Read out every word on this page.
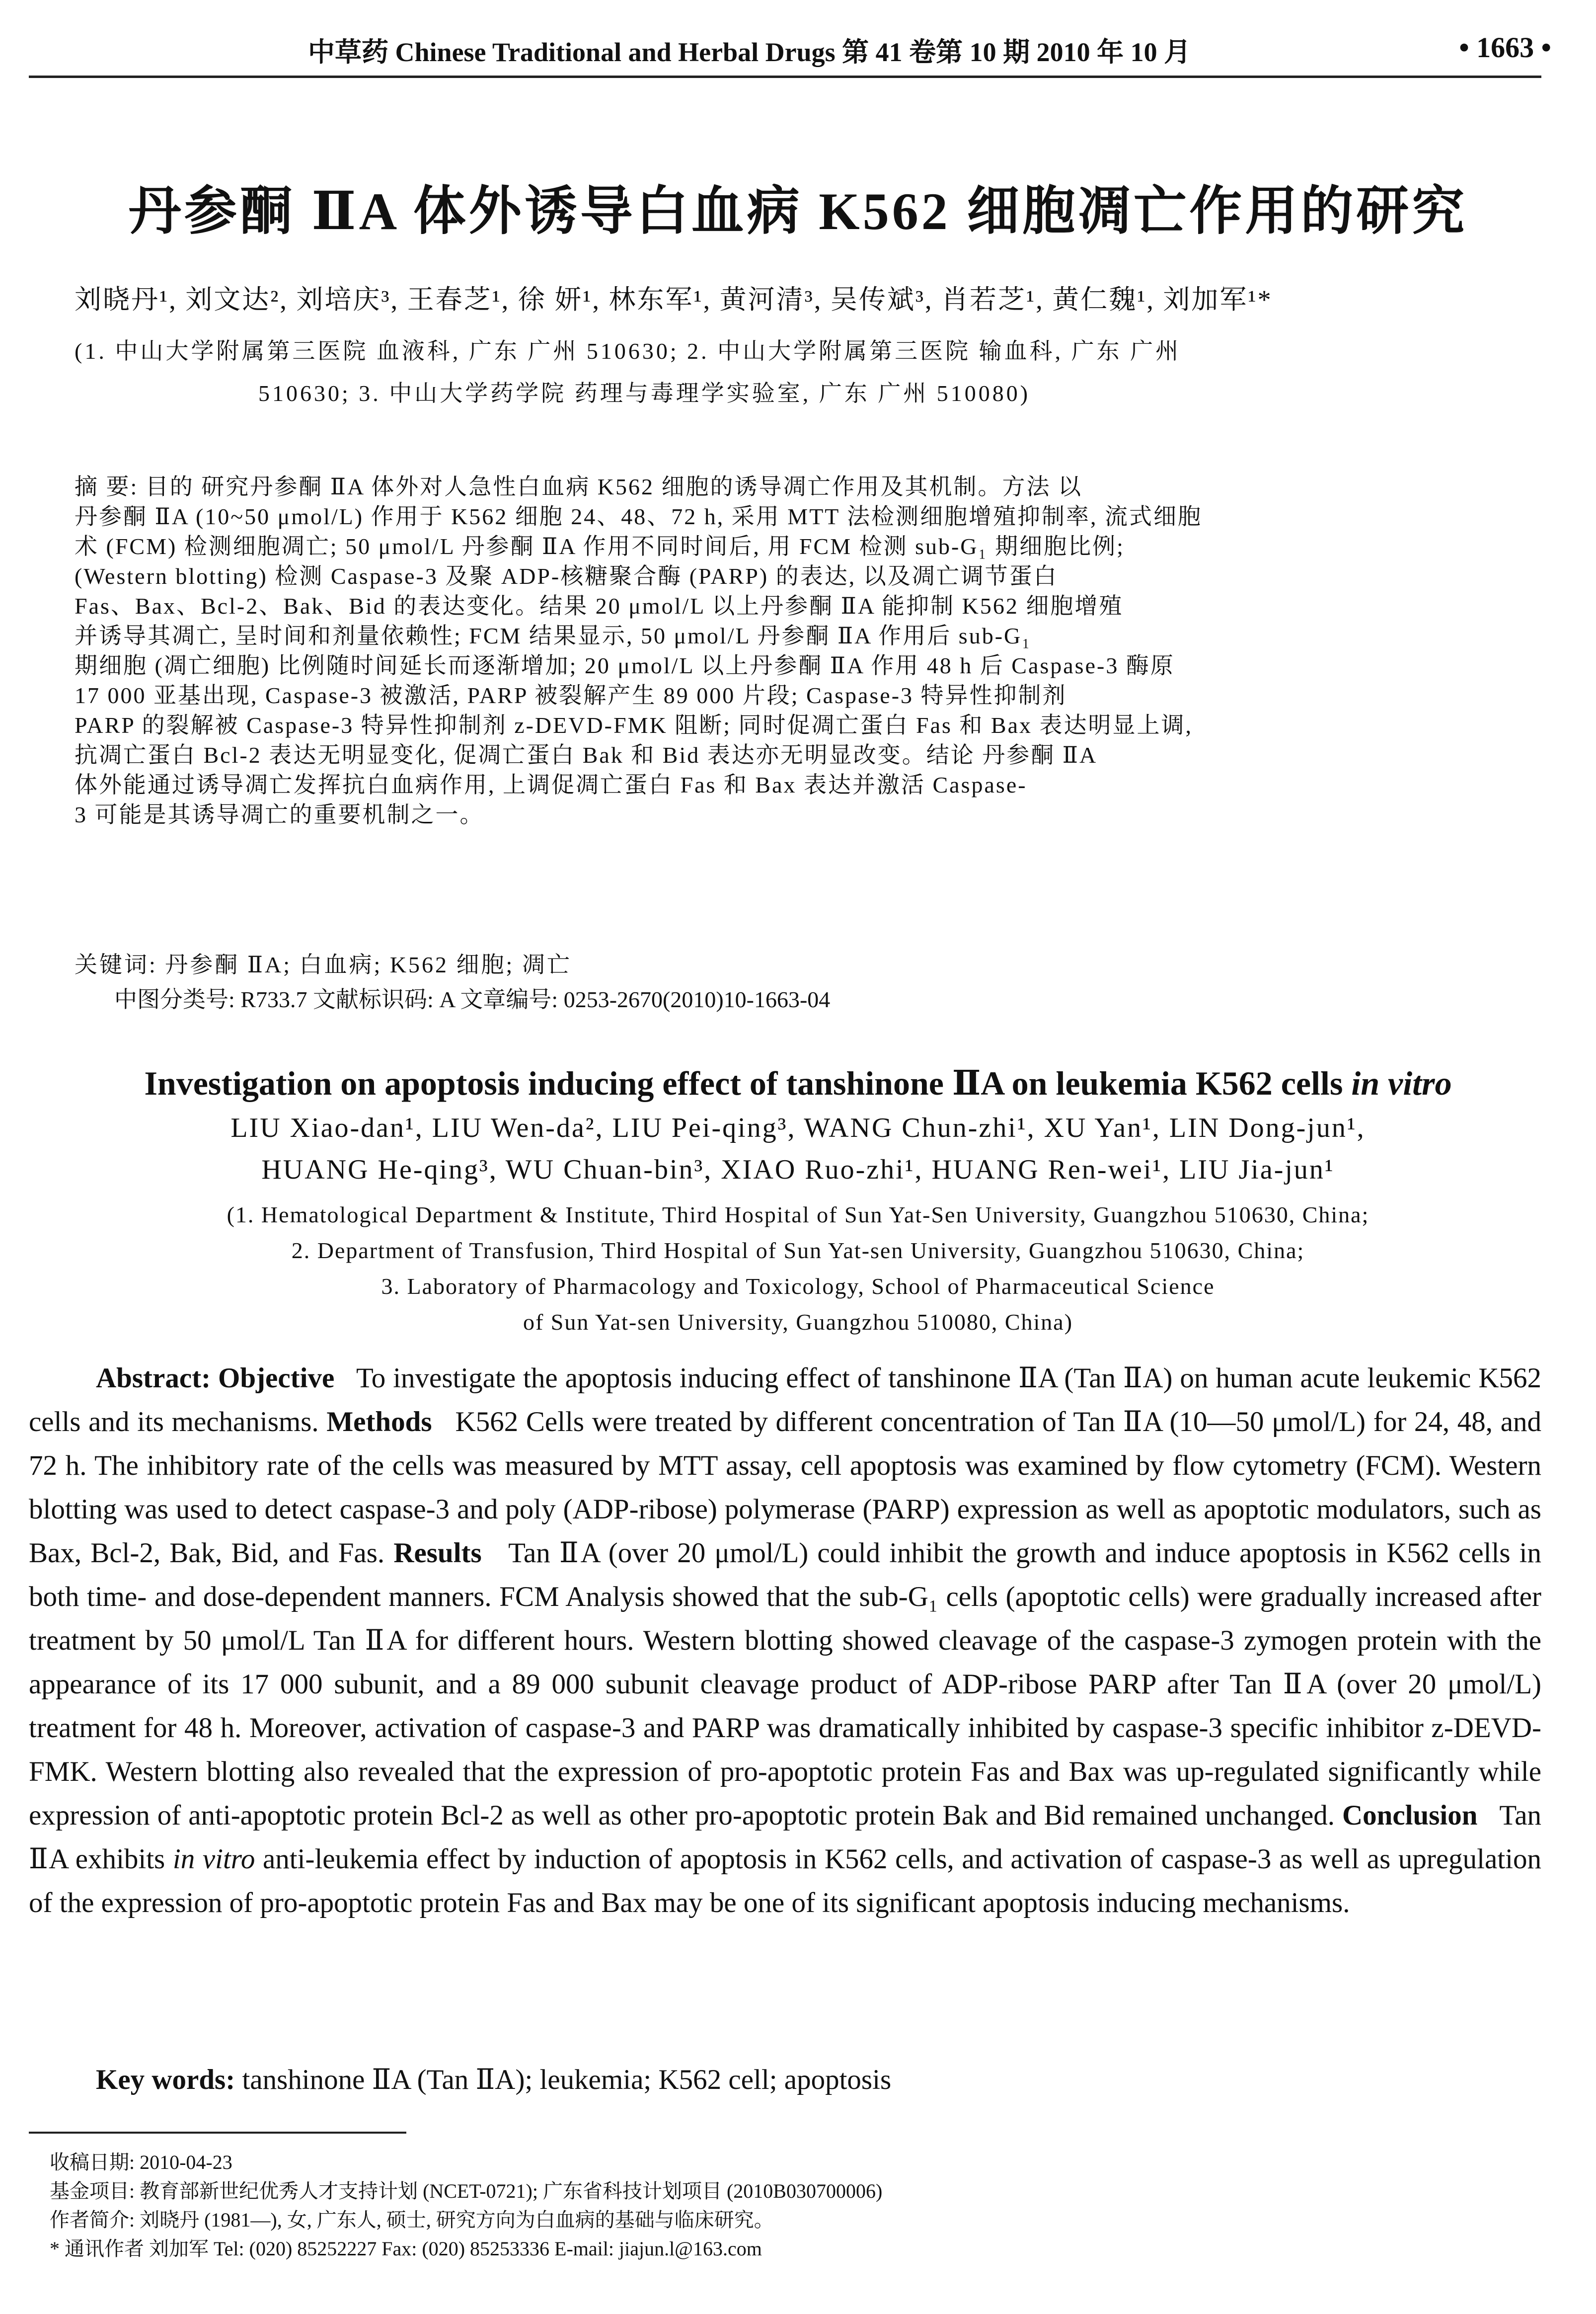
中草药 Chinese Traditional and Herbal Drugs 第 41 卷第 10 期 2010 年 10 月	• 1663 •
丹参酮 ⅡA 体外诱导白血病 K562 细胞凋亡作用的研究
刘晓丹¹, 刘文达², 刘培庆³, 王春芝¹, 徐 妍¹, 林东军¹, 黄河清³, 吴传斌³, 肖若芝¹, 黄仁魏¹, 刘加军¹*
(1. 中山大学附属第三医院 血液科, 广东 广州 510630; 2. 中山大学附属第三医院 输血科, 广东 广州
510630; 3. 中山大学药学院 药理与毒理学实验室, 广东 广州 510080)

摘 要: 目的 研究丹参酮 ⅡA 体外对人急性白血病 K562 细胞的诱导凋亡作用及其机制。方法 以

丹参酮 ⅡA (10~50 μmol/L) 作用于 K562 细胞 24、48、72 h, 采用 MTT 法检测细胞增殖抑制率, 流式细胞

术 (FCM) 检测细胞凋亡; 50 μmol/L 丹参酮 ⅡA 作用不同时间后, 用 FCM 检测 sub-G₁ 期细胞比例;

(Western blotting) 检测 Caspase-3 及聚 ADP-核糖聚合酶 (PARP) 的表达, 以及凋亡调节蛋白

Fas、Bax、Bcl-2、Bak、Bid 的表达变化。结果 20 μmol/L 以上丹参酮 ⅡA 能抑制 K562 细胞增殖

并诱导其凋亡, 呈时间和剂量依赖性; FCM 结果显示, 50 μmol/L 丹参酮 ⅡA 作用后 sub-G₁

期细胞 (凋亡细胞) 比例随时间延长而逐渐增加; 20 μmol/L 以上丹参酮 ⅡA 作用 48 h 后 Caspase-3 酶原

17 000 亚基出现, Caspase-3 被激活, PARP 被裂解产生 89 000 片段; Caspase-3 特异性抑制剂

PARP 的裂解被 Caspase-3 特异性抑制剂 z-DEVD-FMK 阻断; 同时促凋亡蛋白 Fas 和 Bax 表达明显上调,

抗凋亡蛋白 Bcl-2 表达无明显变化, 促凋亡蛋白 Bak 和 Bid 表达亦无明显改变。结论 丹参酮 ⅡA

体外能通过诱导凋亡发挥抗白血病作用, 上调促凋亡蛋白 Fas 和 Bax 表达并激活 Caspase-

3 可能是其诱导凋亡的重要机制之一。

关键词: 丹参酮 ⅡA; 白血病; K562 细胞; 凋亡
中图分类号: R733.7 文献标识码: A 文章编号: 0253-2670(2010)10-1663-04
Investigation on apoptosis inducing effect of tanshinone ⅡA on leukemia K562 cells in vitro
LIU Xiao-dan¹, LIU Wen-da², LIU Pei-qing³, WANG Chun-zhi¹, XU Yan¹, LIN Dong-jun¹,
HUANG He-qing³, WU Chuan-bin³, XIAO Ruo-zhi¹, HUANG Ren-wei¹, LIU Jia-jun¹
(1. Hematological Department & Institute, Third Hospital of Sun Yat-Sen University, Guangzhou 510630, China;
2. Department of Transfusion, Third Hospital of Sun Yat-sen University, Guangzhou 510630, China;
3. Laboratory of Pharmacology and Toxicology, School of Pharmaceutical Science
of Sun Yat-sen University, Guangzhou 510080, China)
Abstract: Objective To investigate the apoptosis inducing effect of tanshinone ⅡA (Tan ⅡA) on human acute leukemic K562 cells and its mechanisms. Methods K562 Cells were treated by different concentration of Tan ⅡA (10—50 μmol/L) for 24, 48, and 72 h. The inhibitory rate of the cells was measured by MTT assay, cell apoptosis was examined by flow cytometry (FCM). Western blotting was used to detect caspase-3 and poly (ADP-ribose) polymerase (PARP) expression as well as apoptotic modulators, such as Bax, Bcl-2, Bak, Bid, and Fas. Results Tan ⅡA (over 20 μmol/L) could inhibit the growth and induce apoptosis in K562 cells in both time- and dose-dependent manners. FCM Analysis showed that the sub-G₁ cells (apoptotic cells) were gradually increased after treatment by 50 μmol/L Tan ⅡA for different hours. Western blotting showed cleavage of the caspase-3 zymogen protein with the appearance of its 17 000 subunit, and a 89 000 subunit cleavage product of ADP-ribose PARP after Tan ⅡA (over 20 μmol/L) treatment for 48 h. Moreover, activation of caspase-3 and PARP was dramatically inhibited by caspase-3 specific inhibitor z-DEVD-FMK. Western blotting also revealed that the expression of pro-apoptotic protein Fas and Bax was up-regulated significantly while expression of anti-apoptotic protein Bcl-2 as well as other pro-apoptotic protein Bak and Bid remained unchanged. Conclusion Tan ⅡA exhibits in vitro anti-leukemia effect by induction of apoptosis in K562 cells, and activation of caspase-3 as well as upregulation of the expression of pro-apoptotic protein Fas and Bax may be one of its significant apoptosis inducing mechanisms.
Key words: tanshinone ⅡA (Tan ⅡA); leukemia; K562 cell; apoptosis
收稿日期: 2010-04-23
基金项目: 教育部新世纪优秀人才支持计划 (NCET-0721); 广东省科技计划项目 (2010B030700006)
作者简介: 刘晓丹 (1981—), 女, 广东人, 硕士, 研究方向为白血病的基础与临床研究。
* 通讯作者 刘加军 Tel: (020) 85252227 Fax: (020) 85253336 E-mail: jiajun.l@163.com
